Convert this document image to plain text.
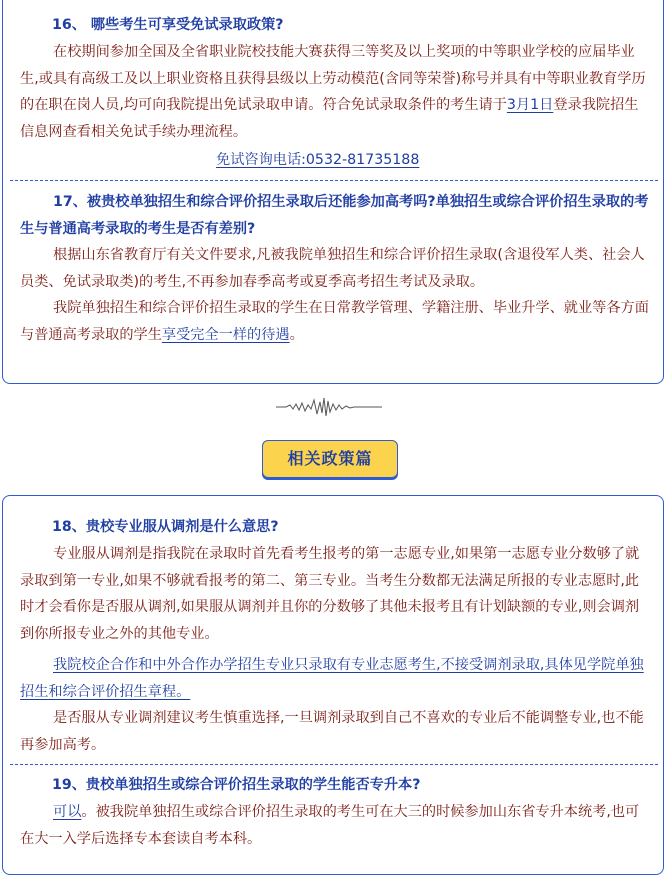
16、 哪些考生可享受免试录取政策?

在校期间参加全国及全省职业院校技能大赛获得三等奖及以上奖项的中等职业学校的应届毕业生,或具有高级工及以上职业资格且获得县级以上劳动模范(含同等荣誉)称号并具有中等职业教育学历的在职在岗人员,均可向我院提出免试录取申请。符合免试录取条件的考生请于3月1日登录我院招生信息网查看相关免试手续办理流程。

免试咨询电话:0532-81735188

17、被贵校单独招生和综合评价招生录取后还能参加高考吗?单独招生或综合评价招生录取的考生与普通高考录取的考生是否有差别?

根据山东省教育厅有关文件要求,凡被我院单独招生和综合评价招生录取(含退役军人类、社会人员类、免试录取类)的考生,不再参加春季高考或夏季高考招生考试及录取。

我院单独招生和综合评价招生录取的学生在日常教学管理、学籍注册、毕业升学、就业等各方面与普通高考录取的学生享受完全一样的待遇。

相关政策篇

18、贵校专业服从调剂是什么意思?

专业服从调剂是指我院在录取时首先看考生报考的第一志愿专业,如果第一志愿专业分数够了就录取到第一专业,如果不够就看报考的第二、第三专业。当考生分数都无法满足所报的专业志愿时,此时才会看你是否服从调剂,如果服从调剂并且你的分数够了其他未报考且有计划缺额的专业,则会调剂到你所报专业之外的其他专业。

我院校企合作和中外合作办学招生专业只录取有专业志愿考生,不接受调剂录取,具体见学院单独招生和综合评价招生章程。

是否服从专业调剂建议考生慎重选择,一旦调剂录取到自己不喜欢的专业后不能调整专业,也不能再参加高考。

19、贵校单独招生或综合评价招生录取的学生能否专升本?

可以。被我院单独招生或综合评价招生录取的考生可在大三的时候参加山东省专升本统考,也可在大一入学后选择专本套读自考本科。
